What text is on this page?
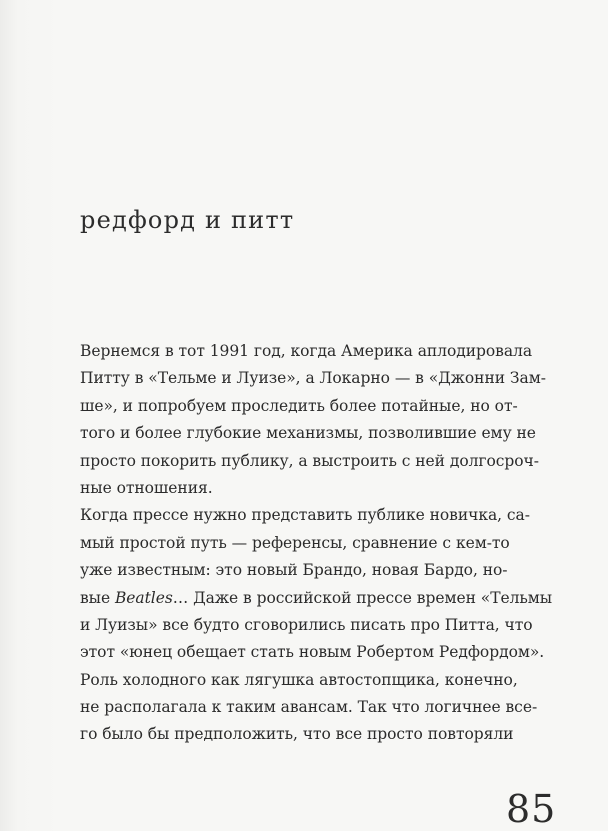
редфорд и питт
Вернемся в тот 1991 год, когда Америка аплодировала
Питту в «Тельме и Луизе», а Локарно — в «Джонни Зам-
ше», и попробуем проследить более потайные, но от-
того и более глубокие механизмы, позволившие ему не
просто покорить публику, а выстроить с ней долгосроч-
ные отношения.
Когда прессе нужно представить публике новичка, са-
мый простой путь — референсы, сравнение с кем-то
уже известным: это новый Брандо, новая Бардо, но-
вые Beatles… Даже в российской прессе времен «Тельмы
и Луизы» все будто сговорились писать про Питта, что
этот «юнец обещает стать новым Робертом Редфордом».
Роль холодного как лягушка автостопщика, конечно,
не располагала к таким авансам. Так что логичнее все-
го было бы предположить, что все просто повторяли
85
